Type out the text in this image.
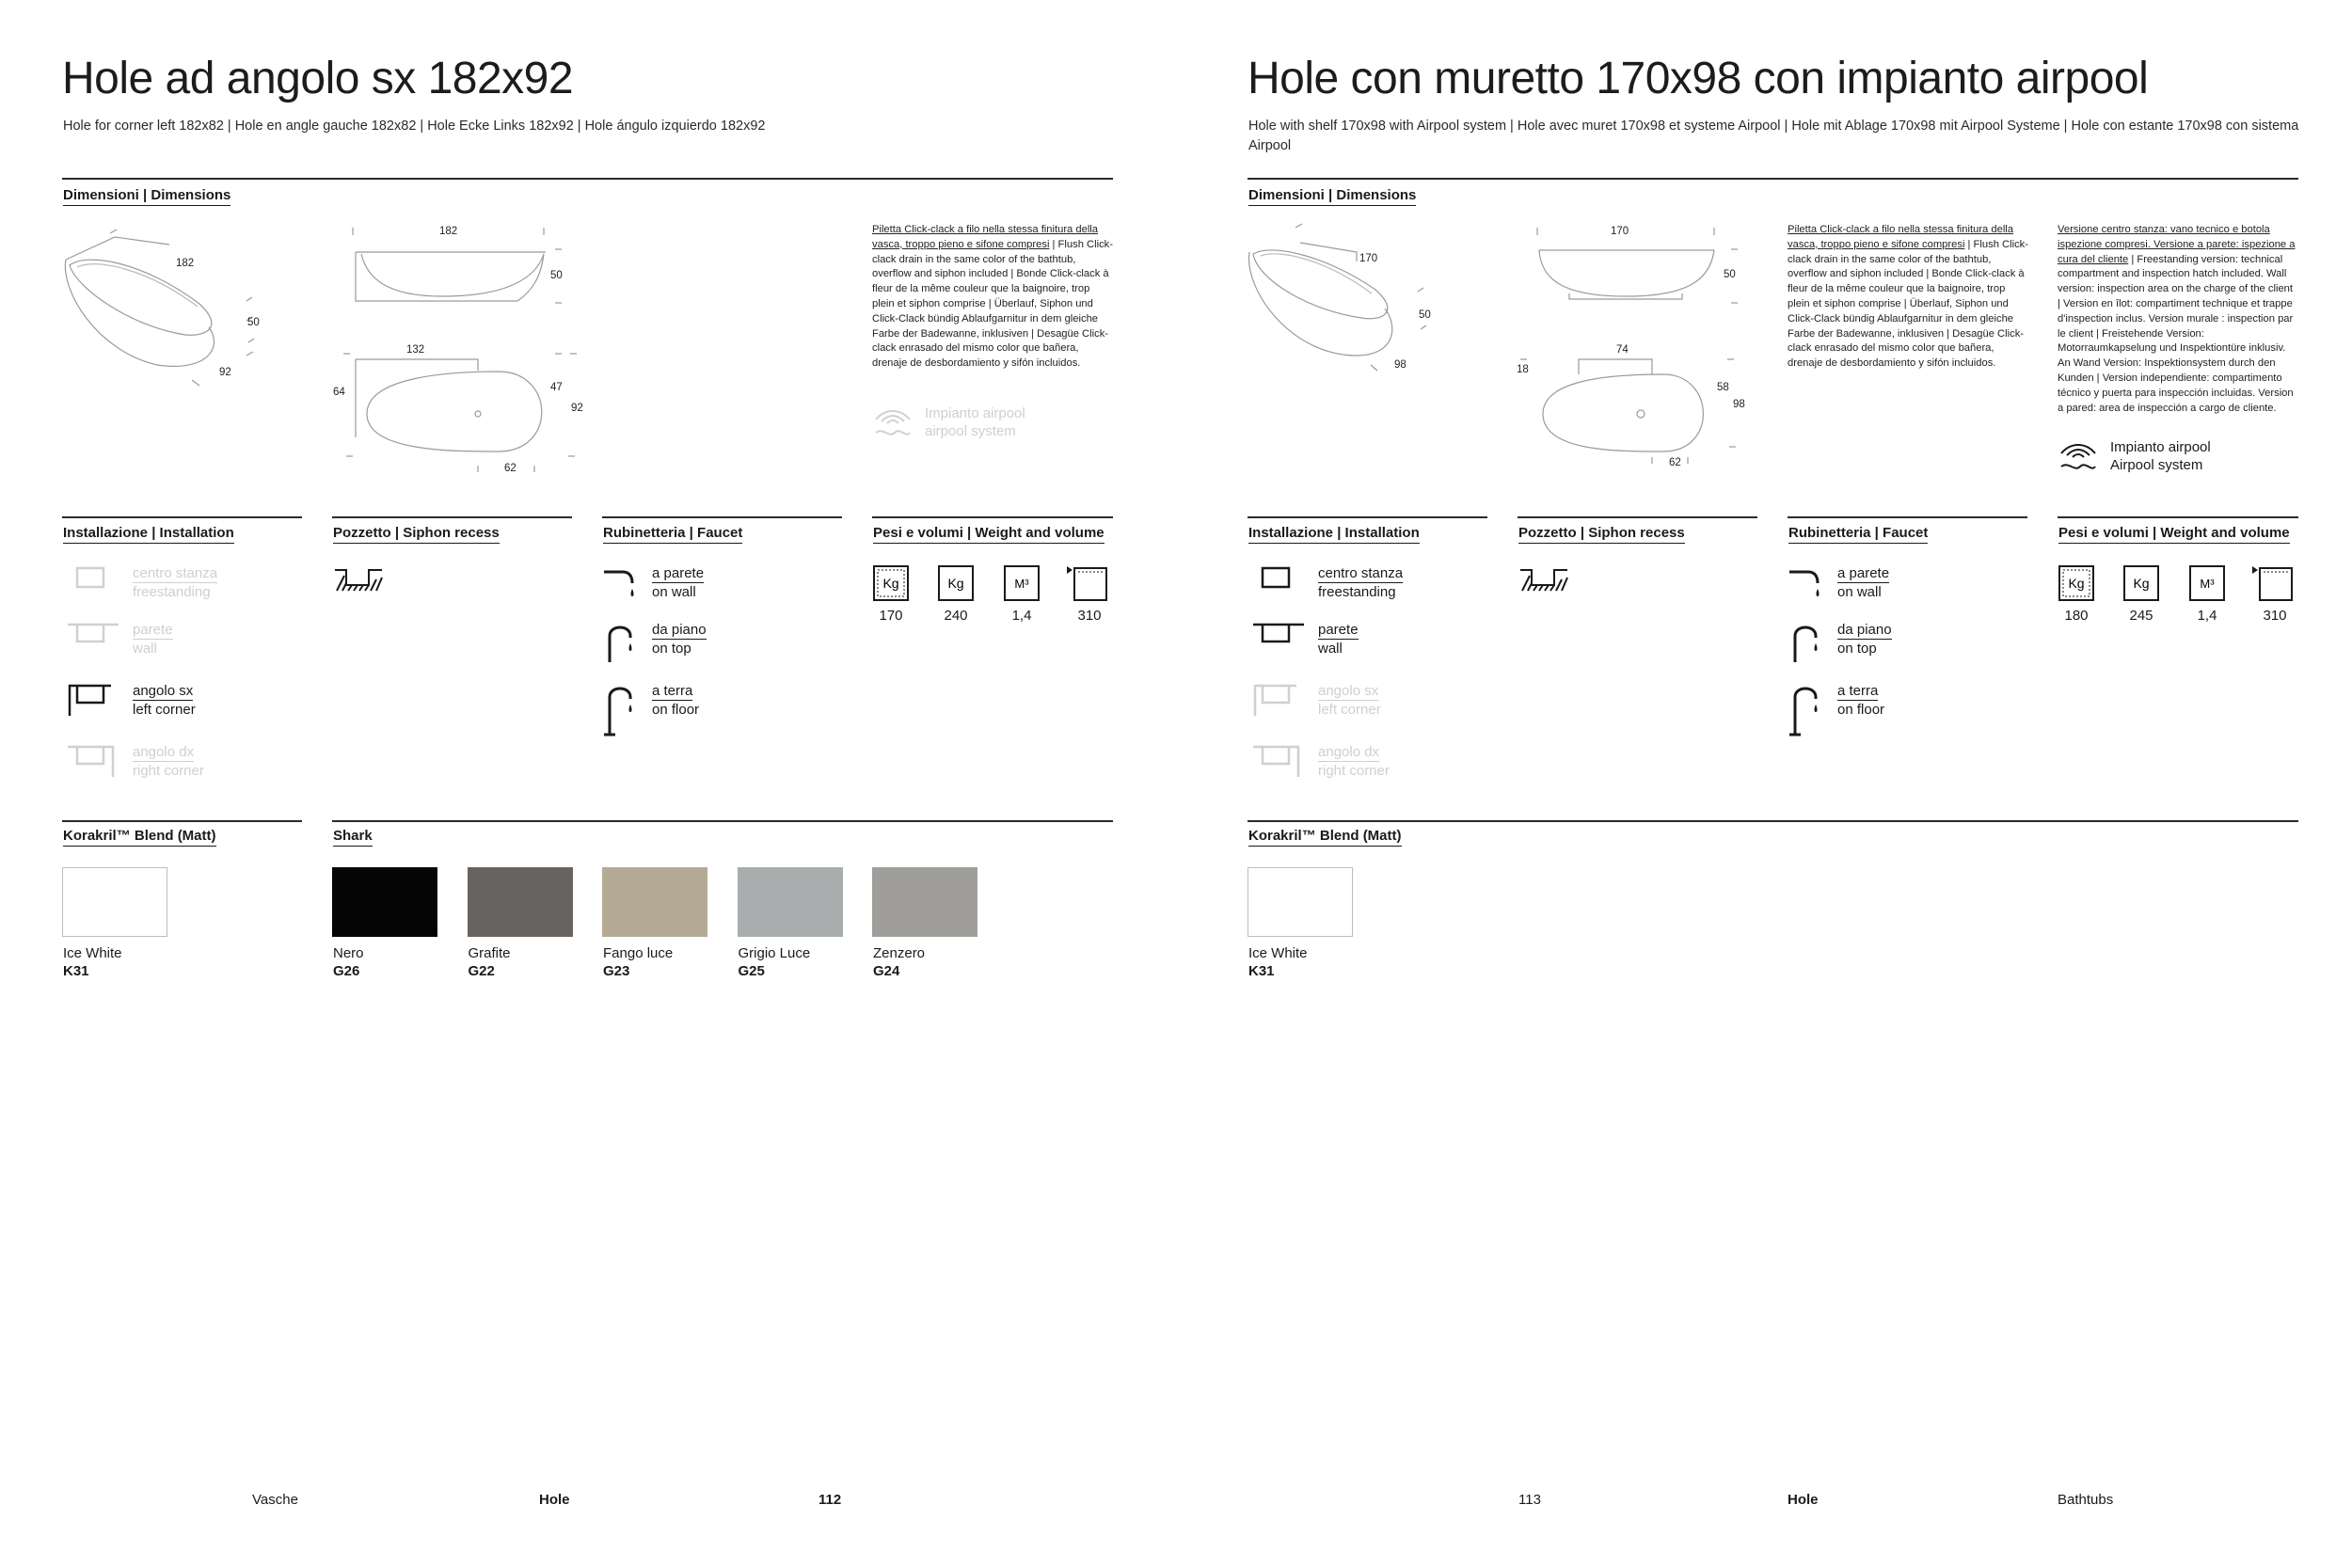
Hole ad angolo sx 182x92
Hole for corner left 182x82 | Hole en angle gauche 182x82 | Hole Ecke Links 182x92 | Hole ángulo izquierdo 182x92
Dimensioni | Dimensions
182
50
92
182
50
132
64	47
92
62
Piletta Click-clack a filo nella stessa finitura della vasca, troppo pieno e sifone compresi | Flush Click-clack drain in the same color of the bathtub, overflow and siphon included | Bonde Click-clack à fleur de la même couleur que la baignoire, trop plein et siphon comprise | Überlauf, Siphon und Click-Clack bündig Ablaufgarnitur in dem gleiche Farbe der Badewanne, inklusiven | Desagüe Click-clack enrasado del mismo color que bañera, drenaje de desbordamiento y sifón incluidos.
Impianto airpool
airpool system
Installazione | Installation	Pozzetto | Siphon recess	Rubinetteria | Faucet	Pesi e volumi | Weight and volume
centro stanza
freestanding
parete
wall
angolo sx
left corner
angolo dx
right corner
a parete
on wall
da piano
on top
a terra
on floor
Kg
170
Kg
240
M³
1,4	310
Korakril™ Blend (Matt)	Shark
Ice White
K31
Nero
G26
Grafite
G22
Fango luce
G23
Grigio Luce
G25
Zenzero
G24
Vasche	Hole	112
Hole con muretto 170x98 con impianto airpool
Hole with shelf 170x98 with Airpool system | Hole avec muret 170x98 et systeme Airpool | Hole mit Ablage 170x98 mit Airpool Systeme | Hole con estante 170x98 con sistema Airpool
Dimensioni | Dimensions
170
50
98
170
50
74
18
58
98
62
Piletta Click-clack a filo nella stessa finitura della vasca, troppo pieno e sifone compresi | Flush Click-clack drain in the same color of the bathtub, overflow and siphon included | Bonde Click-clack à fleur de la même couleur que la baignoire, trop plein et siphon comprise | Überlauf, Siphon und Click-Clack bündig Ablaufgarnitur in dem gleiche Farbe der Badewanne, inklusiven | Desagüe Click-clack enrasado del mismo color que bañera, drenaje de desbordamiento y sifón incluidos.
Versione centro stanza: vano tecnico e botola ispezione compresi. Versione a parete: ispezione a cura del cliente | Freestanding version: technical compartment and inspection hatch included. Wall version: inspection area on the charge of the client | Version en îlot: compartiment technique et trappe d'inspection inclus. Version murale : inspection par le client | Freistehende Version: Motorraumkapselung und Inspektiontüre inklusiv. An Wand Version: Inspektionsystem durch den Kunden | Version independiente: compartimento técnico y puerta para inspección incluidas. Version a pared: area de inspección a cargo de cliente.
Impianto airpool
Airpool system
Installazione | Installation	Pozzetto | Siphon recess	Rubinetteria | Faucet	Pesi e volumi | Weight and volume
centro stanza
freestanding
parete
wall
angolo sx
left corner
angolo dx
right corner
a parete
on wall
da piano
on top
a terra
on floor
Kg
180
Kg
245
M³
1,4	310
Korakril™ Blend (Matt)
Ice White
K31
113	Hole	Bathtubs
